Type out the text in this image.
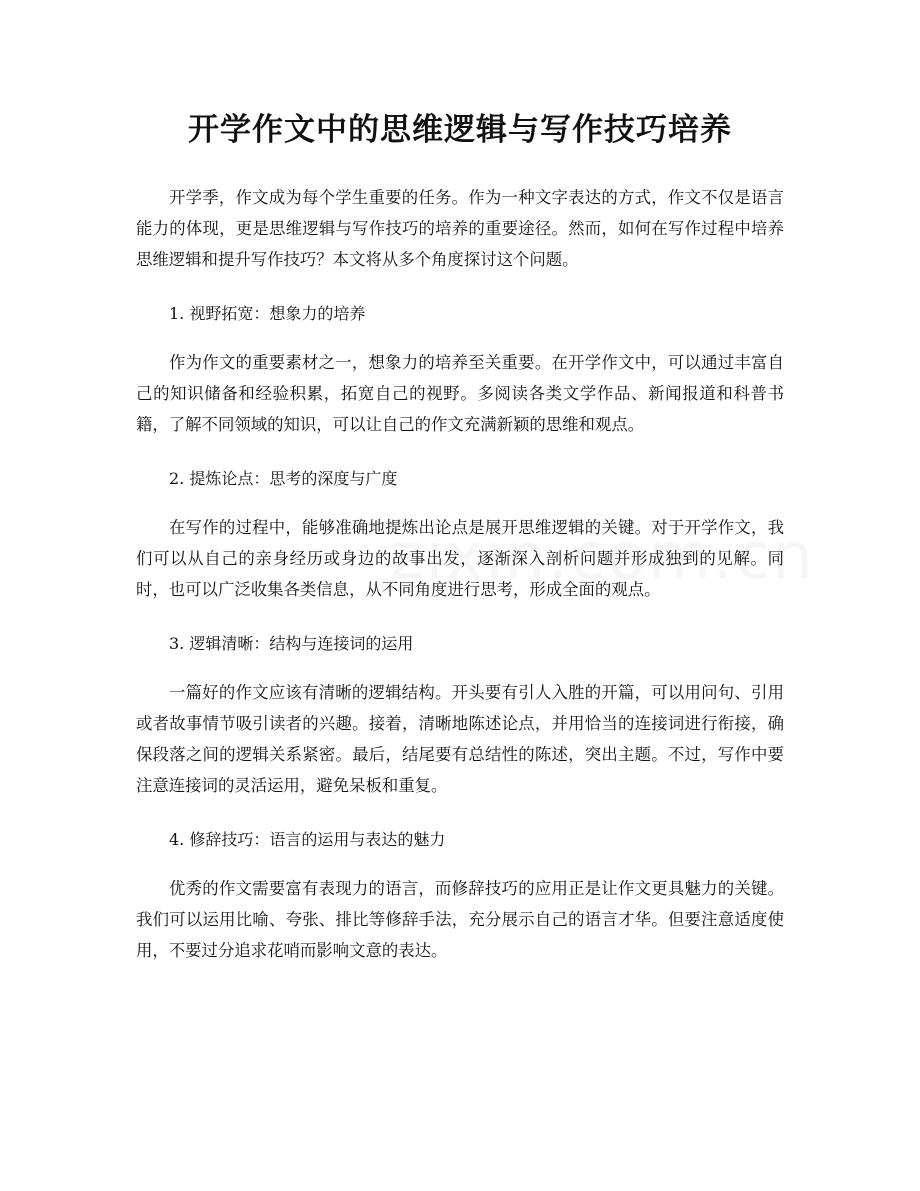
开学作文中的思维逻辑与写作技巧培养

开学季，作文成为每个学生重要的任务。作为一种文字表达的方式，作文不仅是语言能力的体现，更是思维逻辑与写作技巧的培养的重要途径。然而，如何在写作过程中培养思维逻辑和提升写作技巧？本文将从多个角度探讨这个问题。

1. 视野拓宽：想象力的培养

作为作文的重要素材之一，想象力的培养至关重要。在开学作文中，可以通过丰富自己的知识储备和经验积累，拓宽自己的视野。多阅读各类文学作品、新闻报道和科普书籍，了解不同领域的知识，可以让自己的作文充满新颖的思维和观点。

2. 提炼论点：思考的深度与广度

在写作的过程中，能够准确地提炼出论点是展开思维逻辑的关键。对于开学作文，我们可以从自己的亲身经历或身边的故事出发，逐渐深入剖析问题并形成独到的见解。同时，也可以广泛收集各类信息，从不同角度进行思考，形成全面的观点。

3. 逻辑清晰：结构与连接词的运用

一篇好的作文应该有清晰的逻辑结构。开头要有引人入胜的开篇，可以用问句、引用或者故事情节吸引读者的兴趣。接着，清晰地陈述论点，并用恰当的连接词进行衔接，确保段落之间的逻辑关系紧密。最后，结尾要有总结性的陈述，突出主题。不过，写作中要注意连接词的灵活运用，避免呆板和重复。

4. 修辞技巧：语言的运用与表达的魅力

优秀的作文需要富有表现力的语言，而修辞技巧的应用正是让作文更具魅力的关键。我们可以运用比喻、夸张、排比等修辞手法，充分展示自己的语言才华。但要注意适度使用，不要过分追求花哨而影响文意的表达。
